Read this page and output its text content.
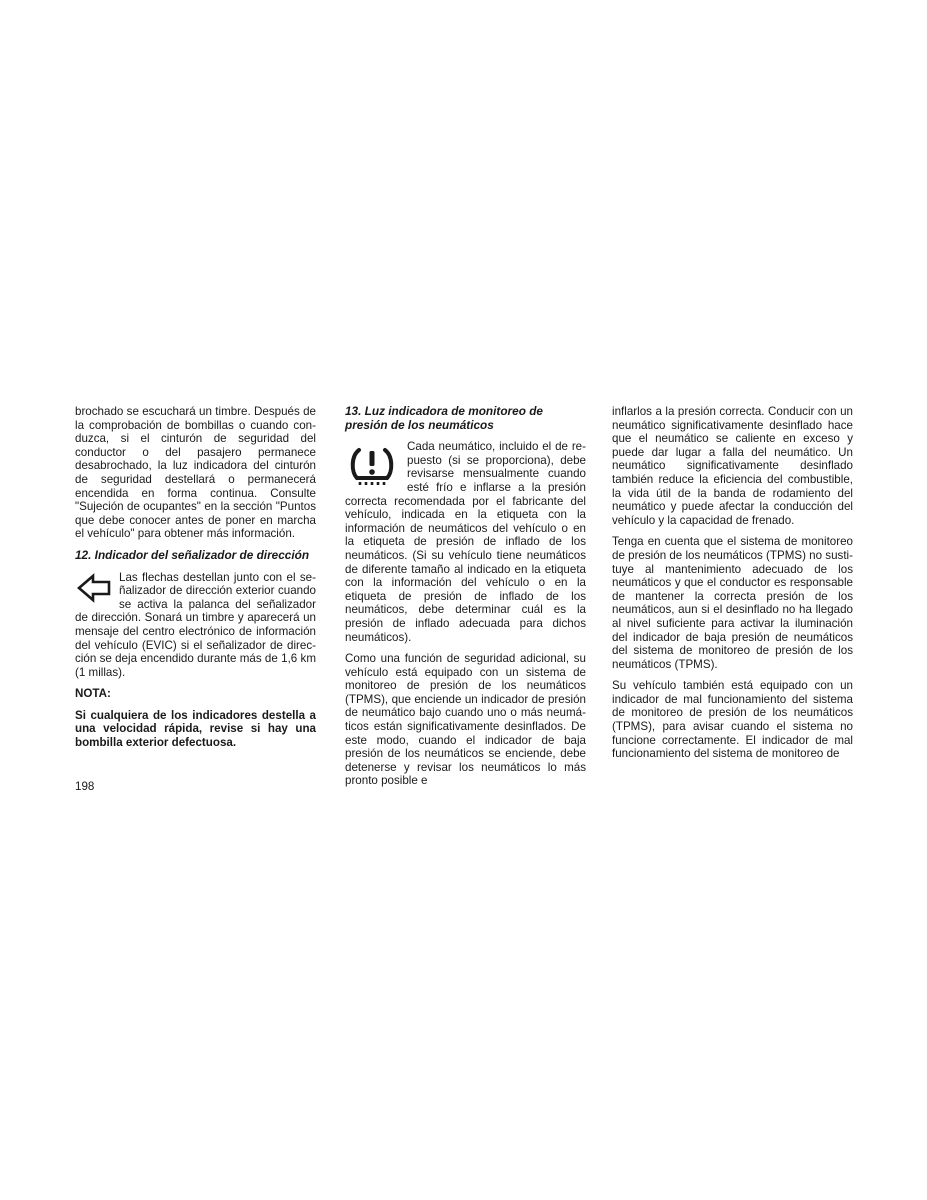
brochado se escuchará un timbre. Después de la comprobación de bombillas o cuando conduzca, si el cinturón de seguridad del conductor o del pasajero permanece desabrochado, la luz indicadora del cinturón de seguridad destellará o permanecerá encendida en forma continua. Consulte "Sujeción de ocupantes" en la sección "Puntos que debe conocer antes de poner en marcha el vehículo" para obtener más información.

12. Indicador del señalizador de dirección

Las flechas destellan junto con el señalizador de dirección exterior cuando se activa la palanca del señalizador de dirección. Sonará un timbre y aparecerá un mensaje del centro electrónico de información del vehículo (EVIC) si el señalizador de dirección se deja encendido durante más de 1,6 km (1 millas).

NOTA:

Si cualquiera de los indicadores destella a una velocidad rápida, revise si hay una bombilla exterior defectuosa.

13. Luz indicadora de monitoreo de presión de los neumáticos

Cada neumático, incluido el de repuesto (si se proporciona), debe revisarse mensualmente cuando esté frío e inflarse a la presión correcta recomendada por el fabricante del vehículo, indicada en la etiqueta con la información de neumáticos del vehículo o en la etiqueta de presión de inflado de los neumáticos. (Si su vehículo tiene neumáticos de diferente tamaño al indicado en la etiqueta con la información del vehículo o en la etiqueta de presión de inflado de los neumáticos, debe determinar cuál es la presión de inflado adecuada para dichos neumáticos).

Como una función de seguridad adicional, su vehículo está equipado con un sistema de monitoreo de presión de los neumáticos (TPMS), que enciende un indicador de presión de neumático bajo cuando uno o más neumáticos están significativamente desinflados. De este modo, cuando el indicador de baja presión de los neumáticos se enciende, debe detenerse y revisar los neumáticos lo más pronto posible e

inflarlos a la presión correcta. Conducir con un neumático significativamente desinflado hace que el neumático se caliente en exceso y puede dar lugar a falla del neumático. Un neumático significativamente desinflado también reduce la eficiencia del combustible, la vida útil de la banda de rodamiento del neumático y puede afectar la conducción del vehículo y la capacidad de frenado.

Tenga en cuenta que el sistema de monitoreo de presión de los neumáticos (TPMS) no sustituye al mantenimiento adecuado de los neumáticos y que el conductor es responsable de mantener la correcta presión de los neumáticos, aun si el desinflado no ha llegado al nivel suficiente para activar la iluminación del indicador de baja presión de neumáticos del sistema de monitoreo de presión de los neumáticos (TPMS).

Su vehículo también está equipado con un indicador de mal funcionamiento del sistema de monitoreo de presión de los neumáticos (TPMS), para avisar cuando el sistema no funcione correctamente. El indicador de mal funcionamiento del sistema de monitoreo de

198
